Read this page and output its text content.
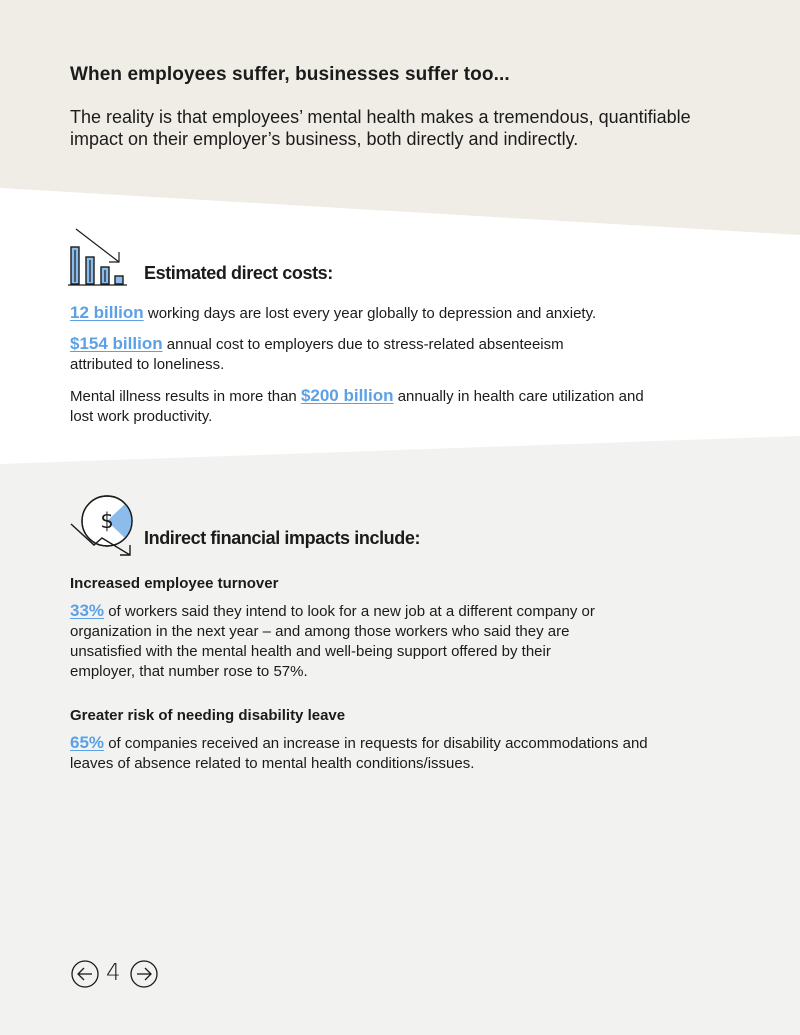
When employees suffer, businesses suffer too...
The reality is that employees’ mental health makes a tremendous, quantifiable impact on their employer’s business, both directly and indirectly.
Estimated direct costs:

12 billion working days are lost every year globally to depression and anxiety.

$154 billion annual cost to employers due to stress-related absenteeism attributed to loneliness.

Mental illness results in more than $200 billion annually in health care utilization and lost work productivity.

$
Indirect financial impacts include:
Increased employee turnover

33% of workers said they intend to look for a new job at a different company or organization in the next year – and among those workers who said they are unsatisfied with the mental health and well-being support offered by their employer, that number rose to 57%.

Greater risk of needing disability leave

65% of companies received an increase in requests for disability accommodations and leaves of absence related to mental health conditions/issues.

4
